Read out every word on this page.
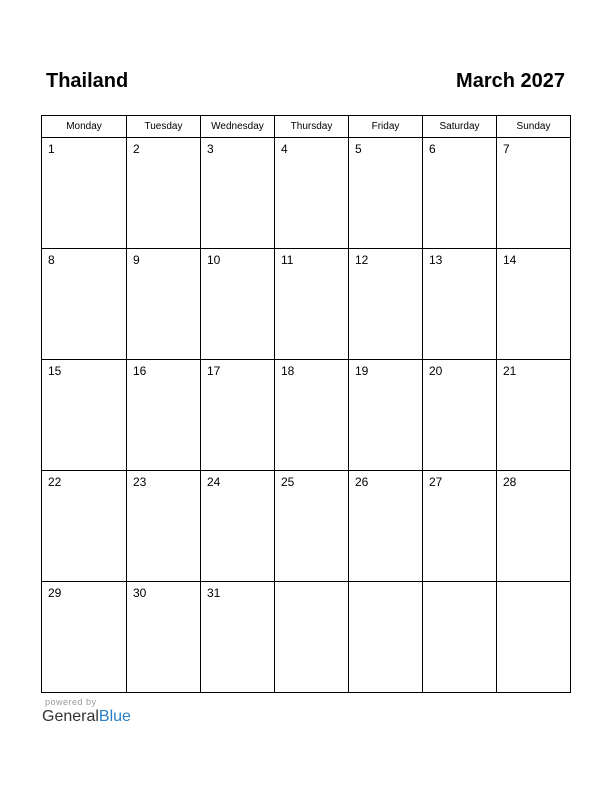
Thailand	March 2027
Monday	Tuesday	Wednesday	Thursday	Friday	Saturday	Sunday

1	2	3	4	5	6	7

8	9	10	11	12	13	14

15	16	17	18	19	20	21

22	23	24	25	26	27	28

29	30	31				

powered by
GeneralBlue
